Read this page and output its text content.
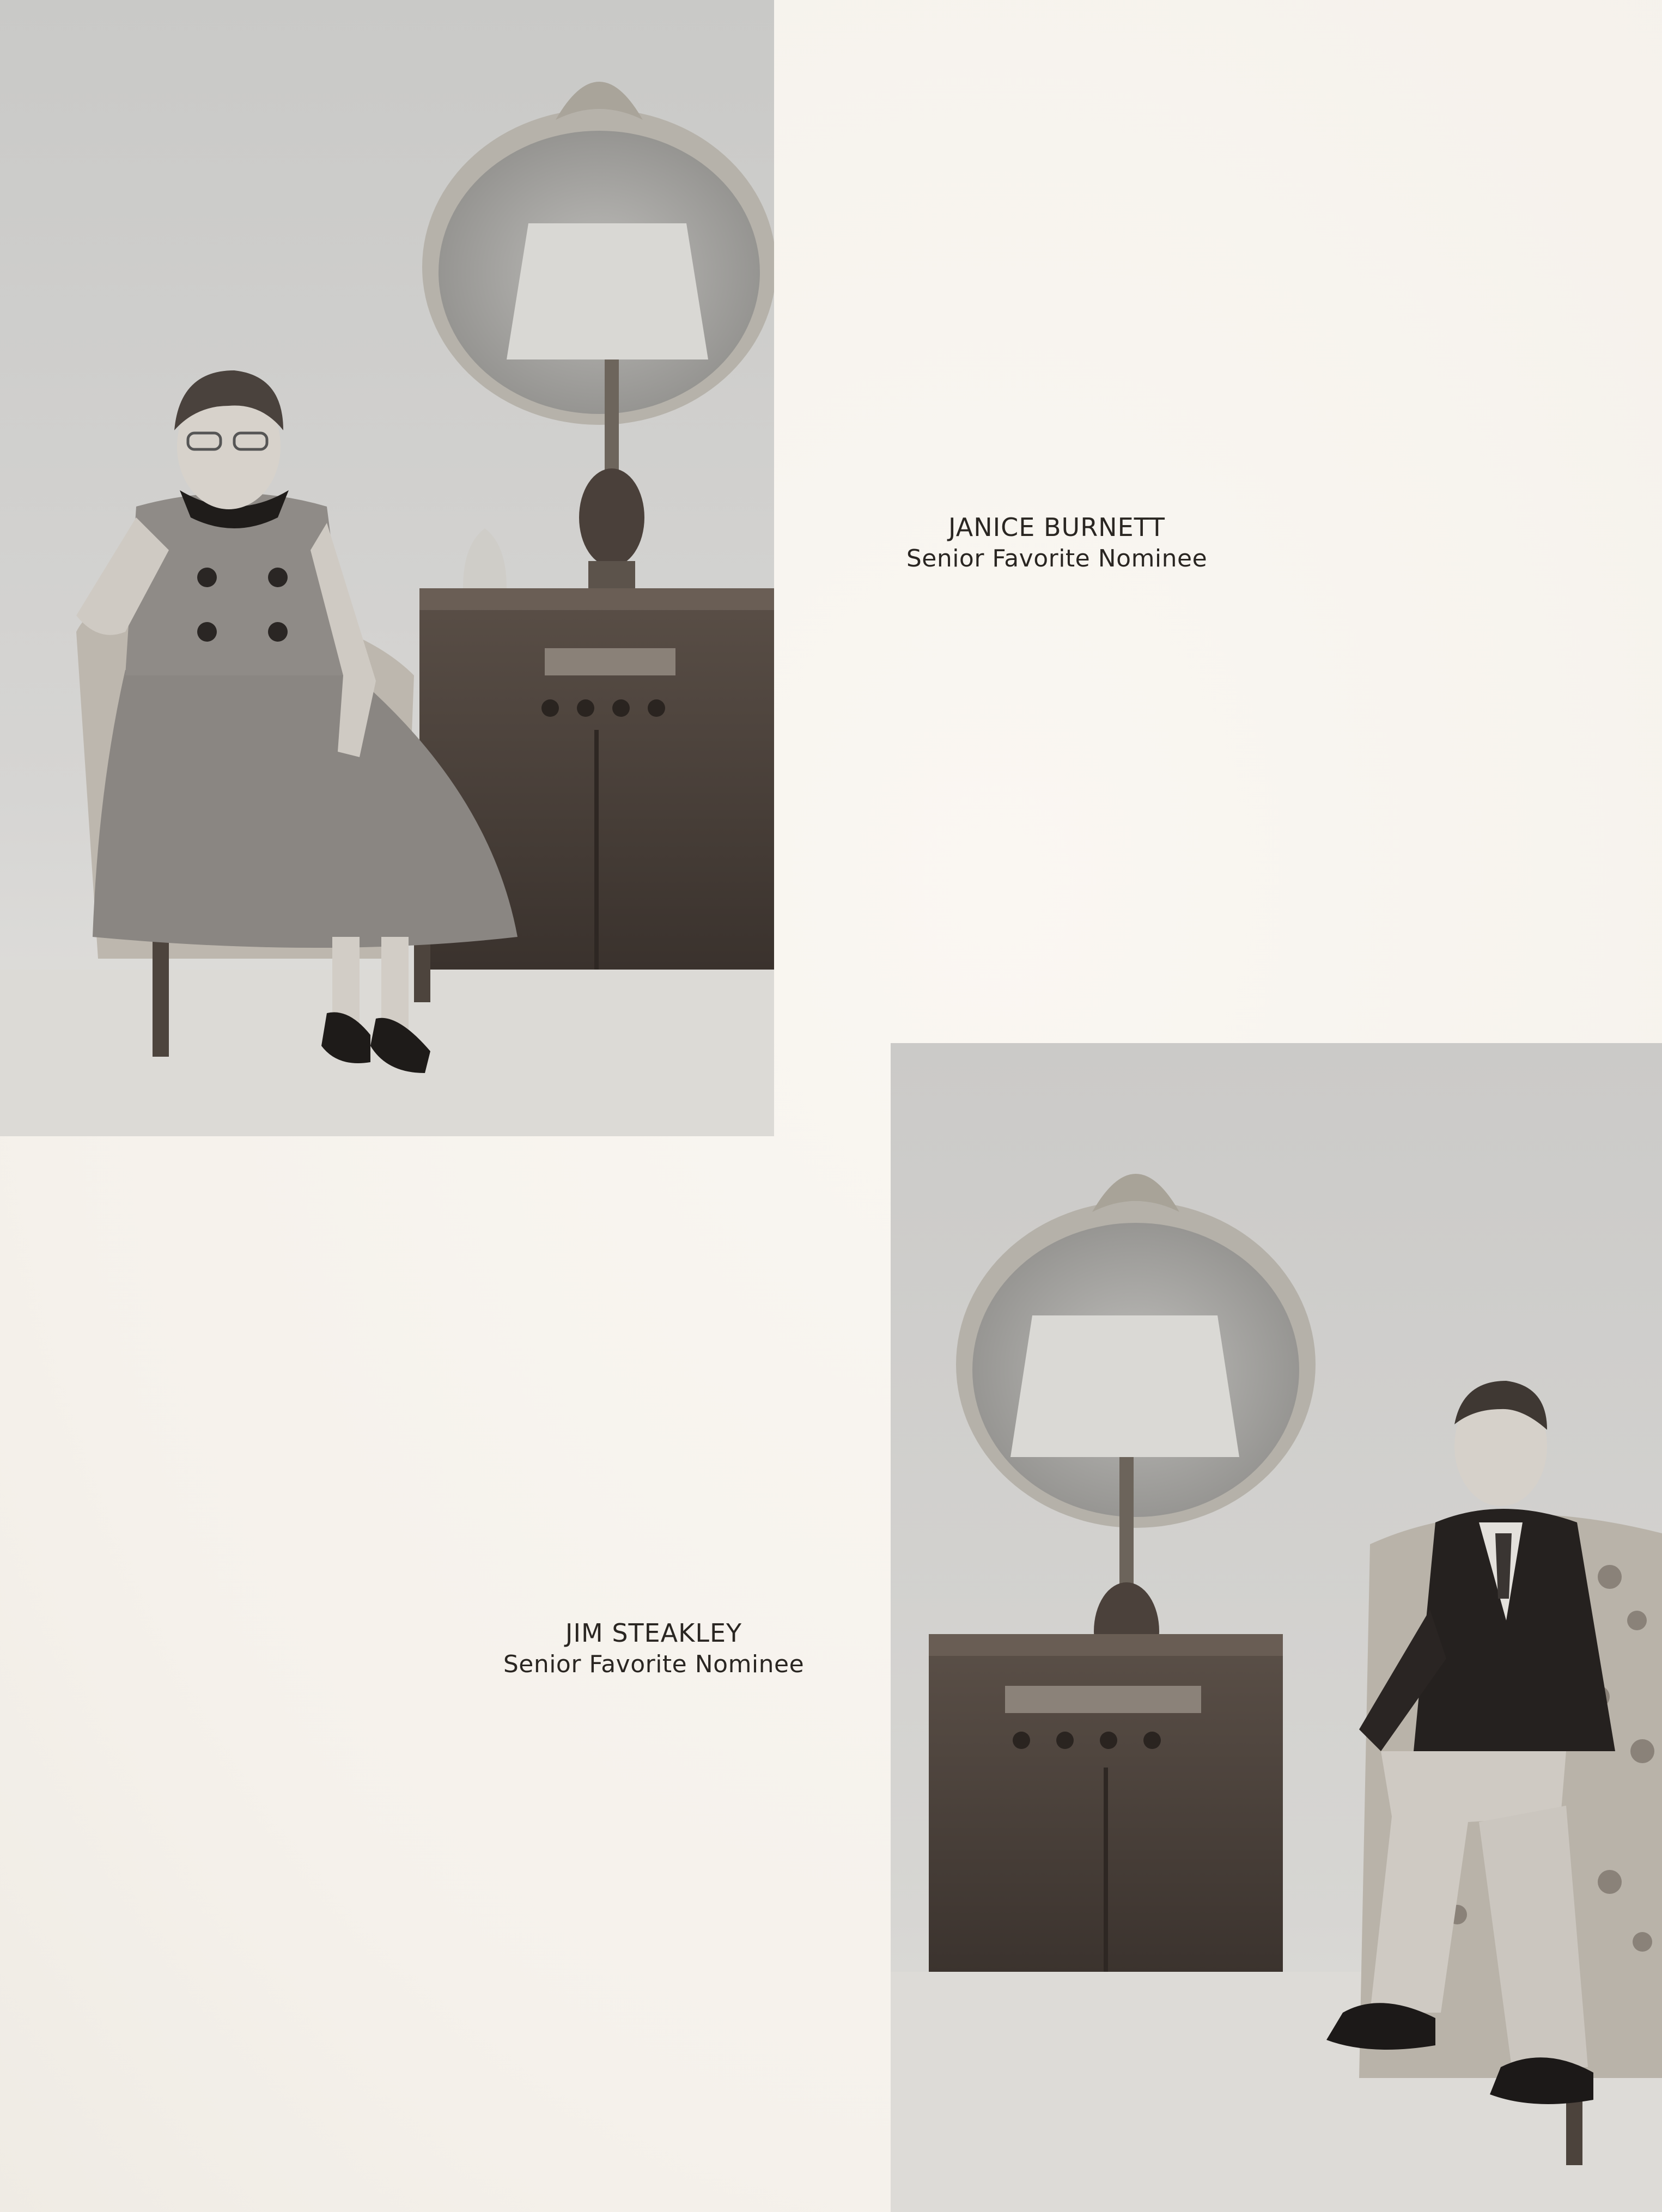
JANICE BURNETT
Senior Favorite Nominee
JIM STEAKLEY
Senior Favorite Nominee
